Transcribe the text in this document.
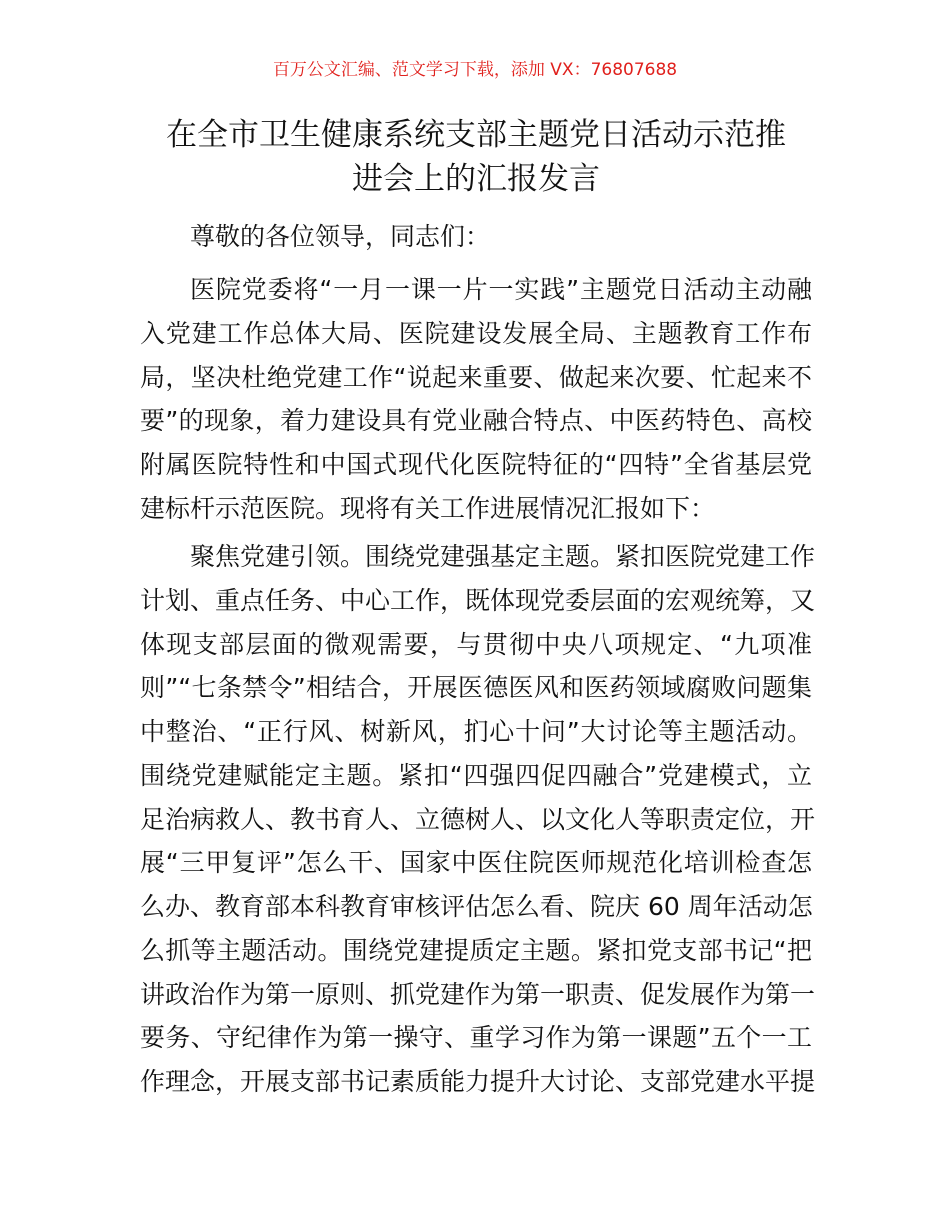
百万公文汇编、范文学习下载，添加 VX：76807688
在全市卫生健康系统支部主题党日活动示范推
进会上的汇报发言
尊敬的各位领导，同志们：
医院党委将“一月一课一片一实践”主题党日活动主动融
入党建工作总体大局、医院建设发展全局、主题教育工作布
局，坚决杜绝党建工作“说起来重要、做起来次要、忙起来不
要”的现象，着力建设具有党业融合特点、中医药特色、高校
附属医院特性和中国式现代化医院特征的“四特”全省基层党
建标杆示范医院。现将有关工作进展情况汇报如下：
聚焦党建引领。围绕党建强基定主题。紧扣医院党建工作
计划、重点任务、中心工作，既体现党委层面的宏观统筹，又
体现支部层面的微观需要，与贯彻中央八项规定、“九项准
则”“七条禁令”相结合，开展医德医风和医药领域腐败问题集
中整治、“正行风、树新风，扪心十问”大讨论等主题活动。
围绕党建赋能定主题。紧扣“四强四促四融合”党建模式，立
足治病救人、教书育人、立德树人、以文化人等职责定位，开
展“三甲复评”怎么干、国家中医住院医师规范化培训检查怎
么办、教育部本科教育审核评估怎么看、院庆 60 周年活动怎
么抓等主题活动。围绕党建提质定主题。紧扣党支部书记“把
讲政治作为第一原则、抓党建作为第一职责、促发展作为第一
要务、守纪律作为第一操守、重学习作为第一课题”五个一工
作理念，开展支部书记素质能力提升大讨论、支部党建水平提
